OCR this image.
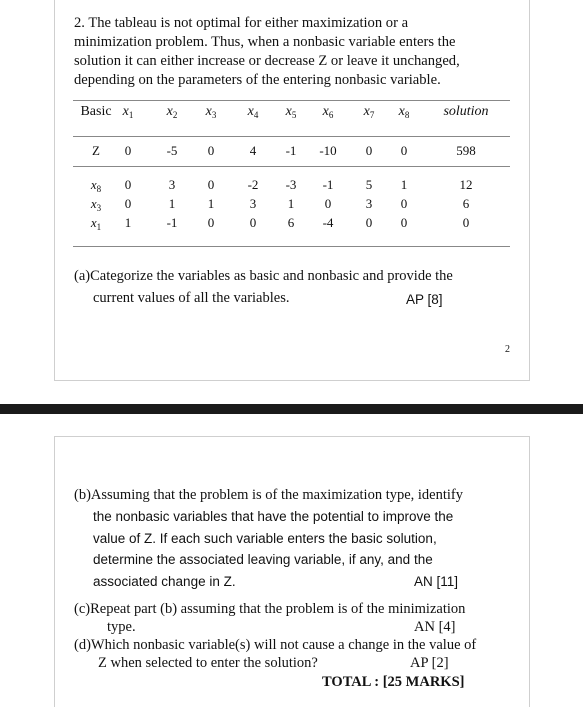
2. The tableau is not optimal for either maximization or a
minimization problem. Thus, when a nonbasic variable enters the
solution it can either increase or decrease Z or leave it unchanged,
depending on the parameters of the entering nonbasic variable.
Basic $x_1$ $x_2$ $x_3$ $x_4$ $x_5$ $x_6$ $x_7$ $x_8$ solution
Z 0	-5 0	4 -1 -10 0 0	598
$x_8$ 0	3	0	-2 -3 -1 5 1	12
$x_3$ 0	1	1	3 1 0	3 0	6
$x_1$ 1	-1 0	0 6 -4 0 0	0
(a)Categorize the variables as basic and nonbasic and provide the
current values of all the variables.	AP [8]
2
(b)Assuming that the problem is of the maximization type, identify
the nonbasic variables that have the potential to improve the
value of Z. If each such variable enters the basic solution,
determine the associated leaving variable, if any, and the
associated change in Z.	AN [11]
(c)Repeat part (b) assuming that the problem is of the minimization
type.	AN [4]
(d)Which nonbasic variable(s) will not cause a change in the value of
Z when selected to enter the solution?	AP [2]
TOTAL : [25 MARKS]
